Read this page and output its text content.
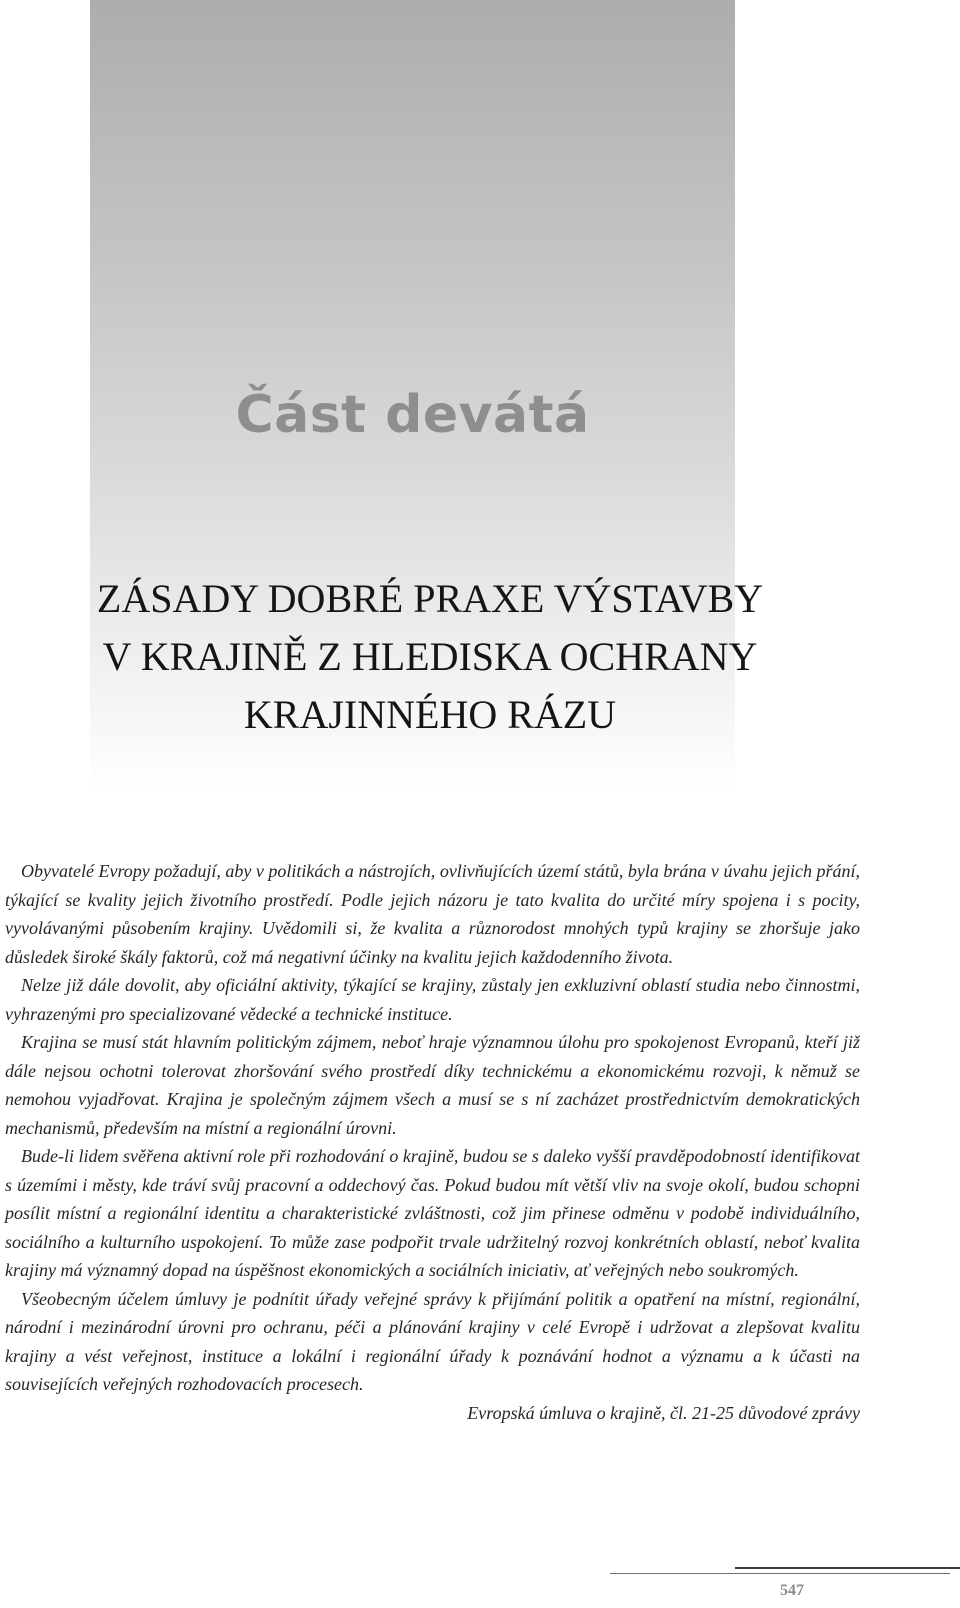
Část devátá
ZÁSADY DOBRÉ PRAXE VÝSTAVBY
V KRAJINĚ Z HLEDISKA OCHRANY
KRAJINNÉHO RÁZU

Obyvatelé Evropy požadují, aby v politikách a nástrojích, ovlivňujících území států, byla brána v úvahu jejich přání, týkající se kvality jejich životního prostředí. Podle jejich názoru je tato kvalita do určité míry spojena i s pocity, vyvolávanými působením krajiny. Uvědomili si, že kvalita a různorodost mnohých typů krajiny se zhoršuje jako důsledek široké škály faktorů, což má negativní účinky na kvalitu jejich každodenního života.

Nelze již dále dovolit, aby oficiální aktivity, týkající se krajiny, zůstaly jen exkluzivní oblastí studia nebo činnostmi, vyhrazenými pro specializované vědecké a technické instituce.

Krajina se musí stát hlavním politickým zájmem, neboť hraje významnou úlohu pro spokojenost Evropanů, kteří již dále nejsou ochotni tolerovat zhoršování svého prostředí díky technickému a ekonomickému rozvoji, k němuž se nemohou vyjadřovat. Krajina je společným zájmem všech a musí se s ní zacházet prostřednictvím demokratických mechanismů, především na místní a regionální úrovni.

Bude-li lidem svěřena aktivní role při rozhodování o krajině, budou se s daleko vyšší pravděpodobností identifikovat s územími i městy, kde tráví svůj pracovní a oddechový čas. Pokud budou mít větší vliv na svoje okolí, budou schopni posílit místní a regionální identitu a charakteristické zvláštnosti, což jim přinese odměnu v podobě individuálního, sociálního a kulturního uspokojení. To může zase podpořit trvale udržitelný rozvoj konkrétních oblastí, neboť kvalita krajiny má významný dopad na úspěšnost ekonomických a sociálních iniciativ, ať veřejných nebo soukromých.

Všeobecným účelem úmluvy je podnítit úřady veřejné správy k přijímání politik a opatření na místní, regionální, národní i mezinárodní úrovni pro ochranu, péči a plánování krajiny v celé Evropě i udržovat a zlepšovat kvalitu krajiny a vést veřejnost, instituce a lokální i regionální úřady k poznávání hodnot a významu a k účasti na souvisejících veřejných rozhodovacích procesech.

Evropská úmluva o krajině, čl. 21-25 důvodové zprávy

547
